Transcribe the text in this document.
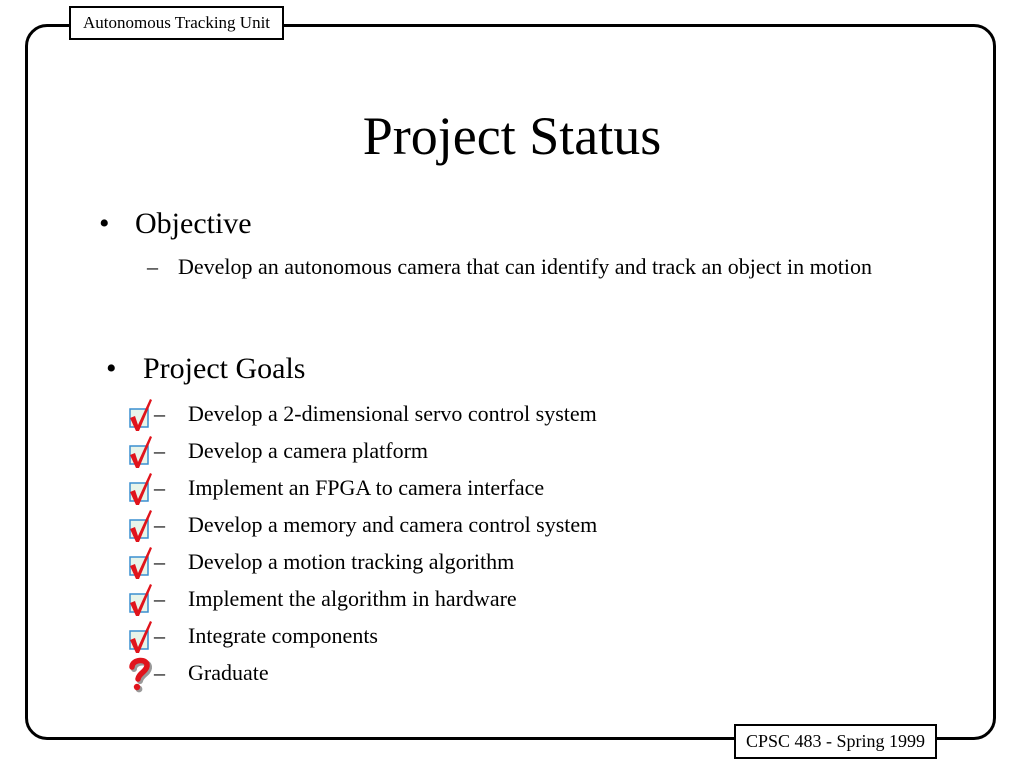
Autonomous Tracking Unit
Project Status
• Objective
– Develop an autonomous camera that can identify and track an object in motion
• Project Goals
– Develop a 2-dimensional servo control system
– Develop a camera platform
– Implement an FPGA to camera interface
– Develop a memory and camera control system
– Develop a motion tracking algorithm
– Implement the algorithm in hardware
– Integrate components
– Graduate
CPSC 483 - Spring 1999
